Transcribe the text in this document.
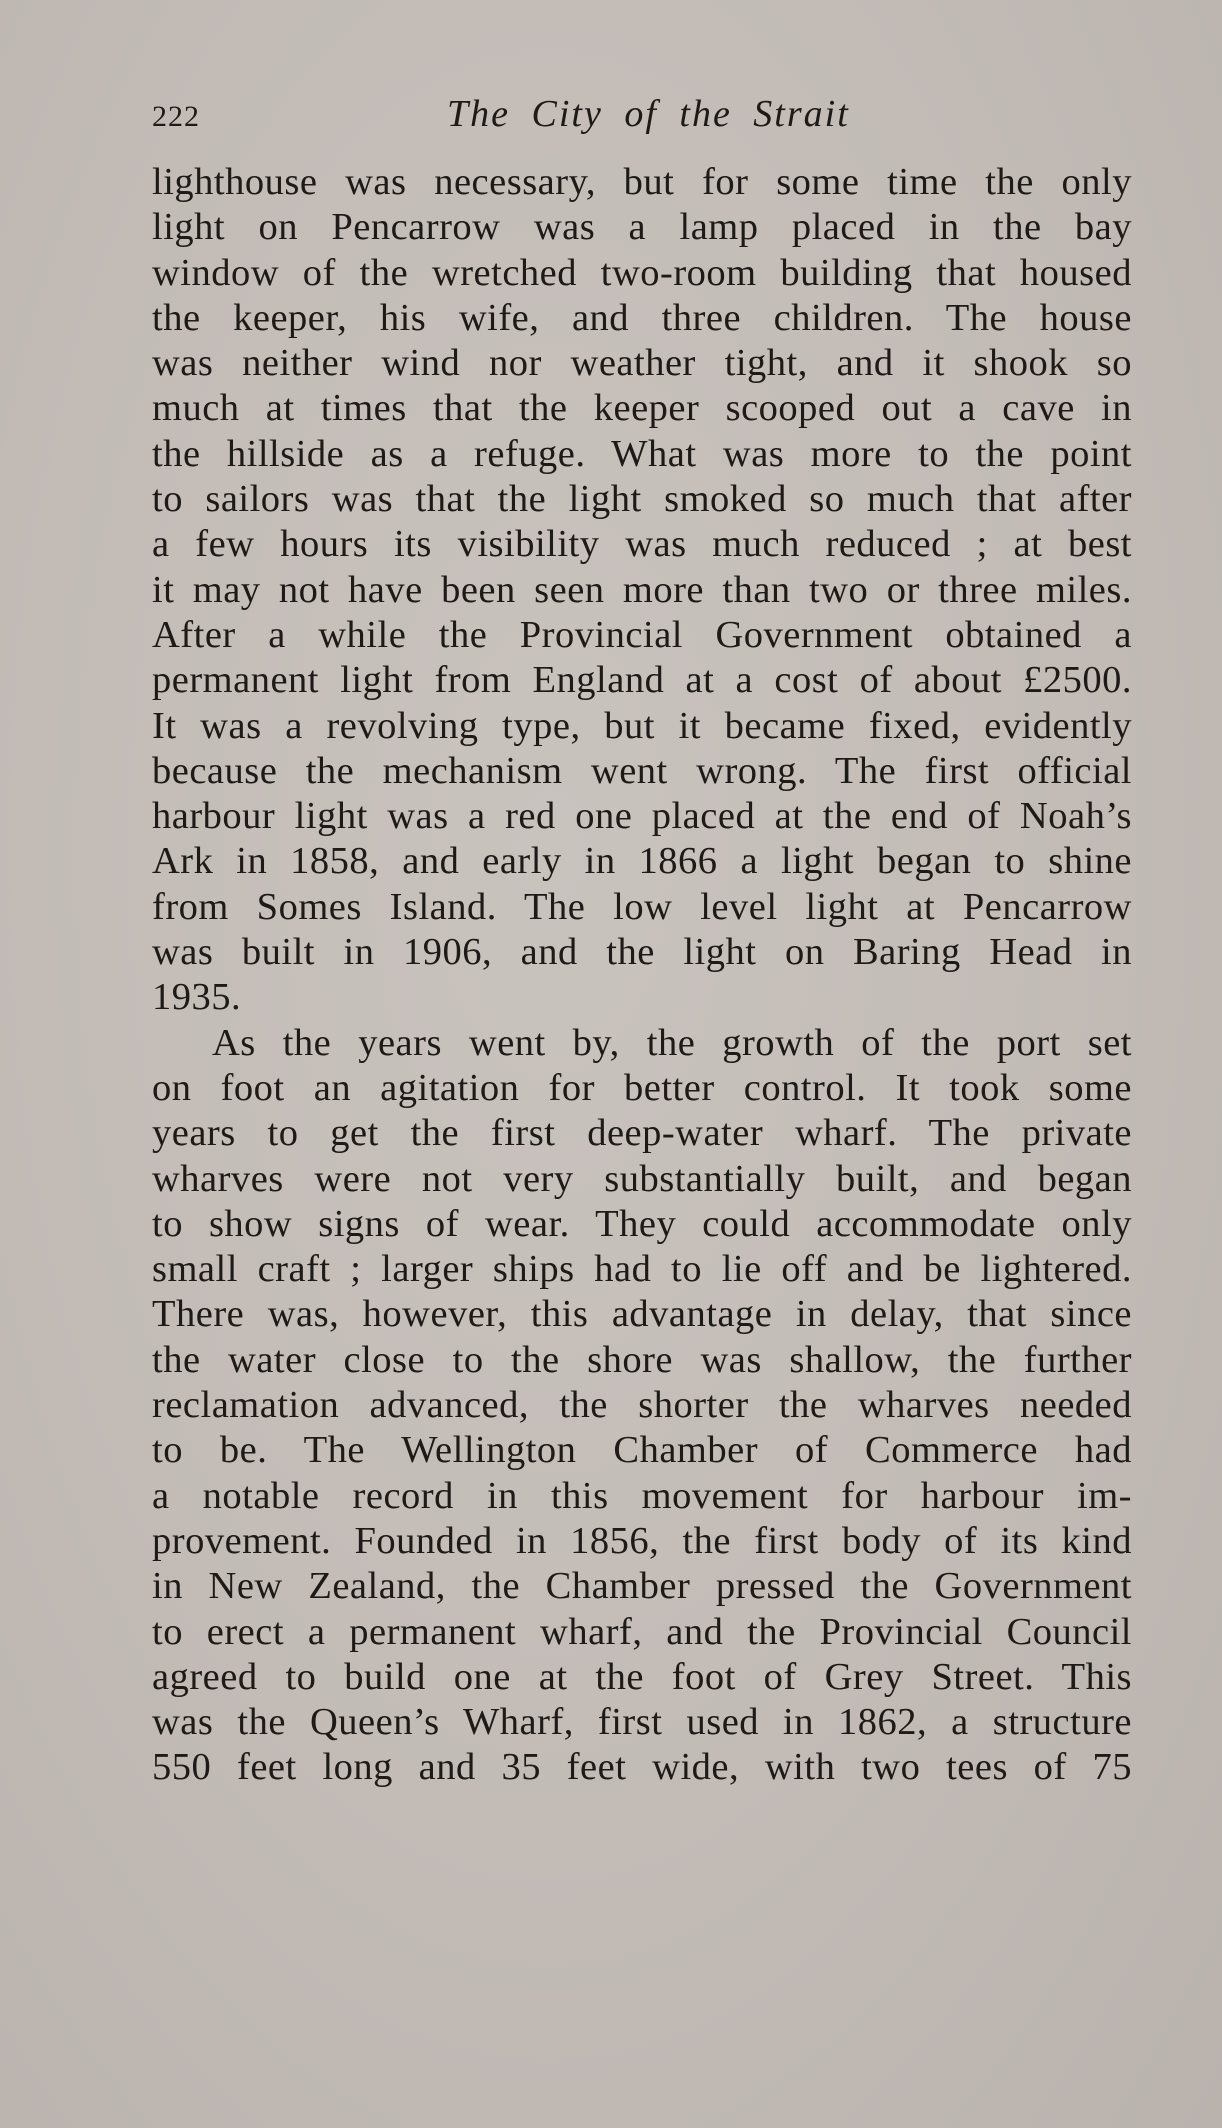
222	The City of the Strait
lighthouse was necessary, but for some time the only
light on Pencarrow was a lamp placed in the bay
window of the wretched two-room building that housed
the keeper, his wife, and three children. The house
was neither wind nor weather tight, and it shook so
much at times that the keeper scooped out a cave in
the hillside as a refuge. What was more to the point
to sailors was that the light smoked so much that after
a few hours its visibility was much reduced ; at best
it may not have been seen more than two or three miles.
After a while the Provincial Government obtained a
permanent light from England at a cost of about £2500.
It was a revolving type, but it became fixed, evidently
because the mechanism went wrong. The first official
harbour light was a red one placed at the end of Noah’s
Ark in 1858, and early in 1866 a light began to shine
from Somes Island. The low level light at Pencarrow
was built in 1906, and the light on Baring Head in
1935.
As the years went by, the growth of the port set
on foot an agitation for better control. It took some
years to get the first deep-water wharf. The private
wharves were not very substantially built, and began
to show signs of wear. They could accommodate only
small craft ; larger ships had to lie off and be lightered.
There was, however, this advantage in delay, that since
the water close to the shore was shallow, the further
reclamation advanced, the shorter the wharves needed
to be. The Wellington Chamber of Commerce had
a notable record in this movement for harbour im-
provement. Founded in 1856, the first body of its kind
in New Zealand, the Chamber pressed the Government
to erect a permanent wharf, and the Provincial Council
agreed to build one at the foot of Grey Street. This
was the Queen’s Wharf, first used in 1862, a structure
550 feet long and 35 feet wide, with two tees of 75
